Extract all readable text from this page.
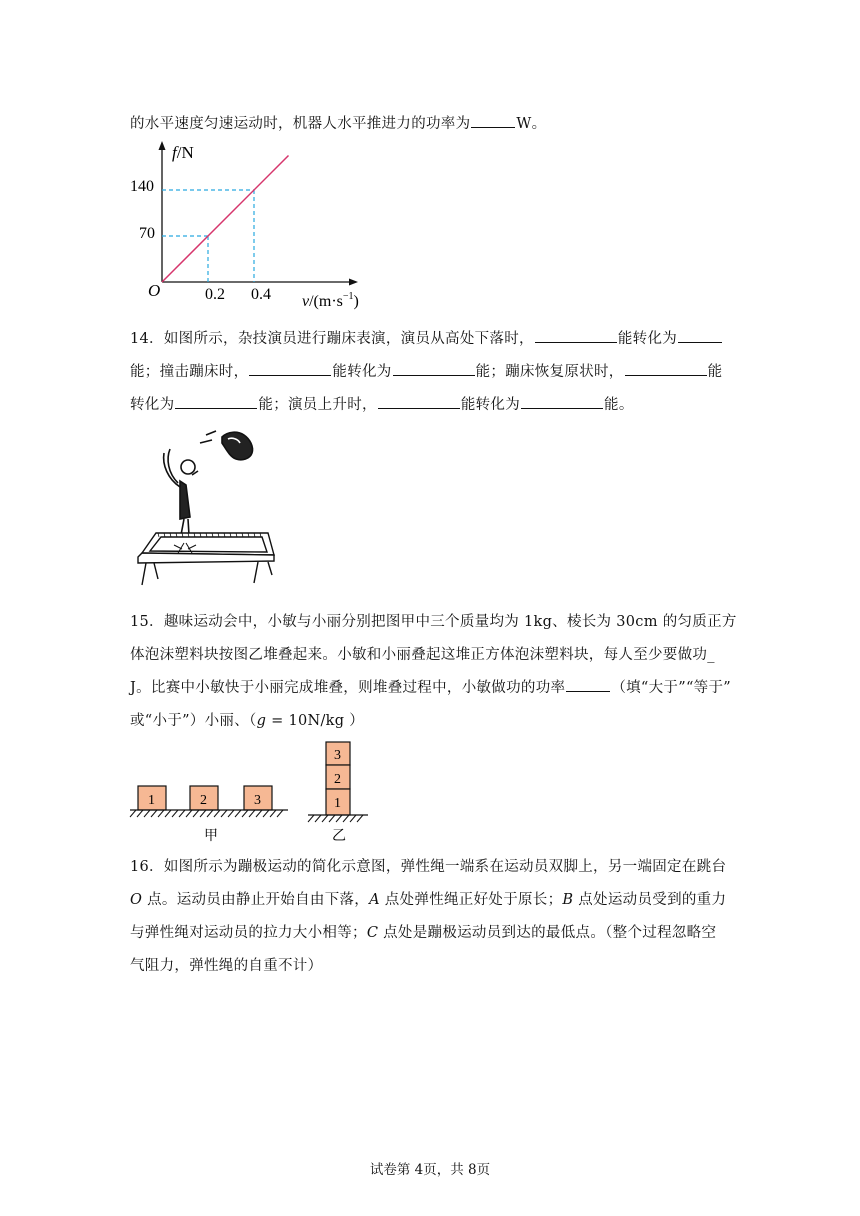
的水平速度匀速运动时，机器人水平推进力的功率为	W。
f/N
O
140
70
0.2 0.4 $v/(m\cdot s^{-1})$
14．如图所示，杂技演员进行蹦床表演，演员从高处下落时，	能转化为
能；撞击蹦床时，	能转化为	能；蹦床恢复原状时，	能
转化为	能；演员上升时，	能转化为	能。
15．趣味运动会中，小敏与小丽分别把图甲中三个质量均为 1kg、棱长为 30cm 的匀质正方
体泡沫塑料块按图乙堆叠起来。小敏和小丽叠起这堆正方体泡沫塑料块，每人至少要做功_
J。比赛中小敏快于小丽完成堆叠，则堆叠过程中，小敏做功的功率	（填“大于”“等于”
或“小于”）小丽、（g = 10N/kg ）
1	2	3
甲
3
2
1
乙
16．如图所示为蹦极运动的简化示意图，弹性绳一端系在运动员双脚上，另一端固定在跳台
O 点。运动员由静止开始自由下落，A 点处弹性绳正好处于原长；B 点处运动员受到的重力
与弹性绳对运动员的拉力大小相等；C 点处是蹦极运动员到达的最低点。（整个过程忽略空
气阻力，弹性绳的自重不计）
试卷第 4页，共 8页
